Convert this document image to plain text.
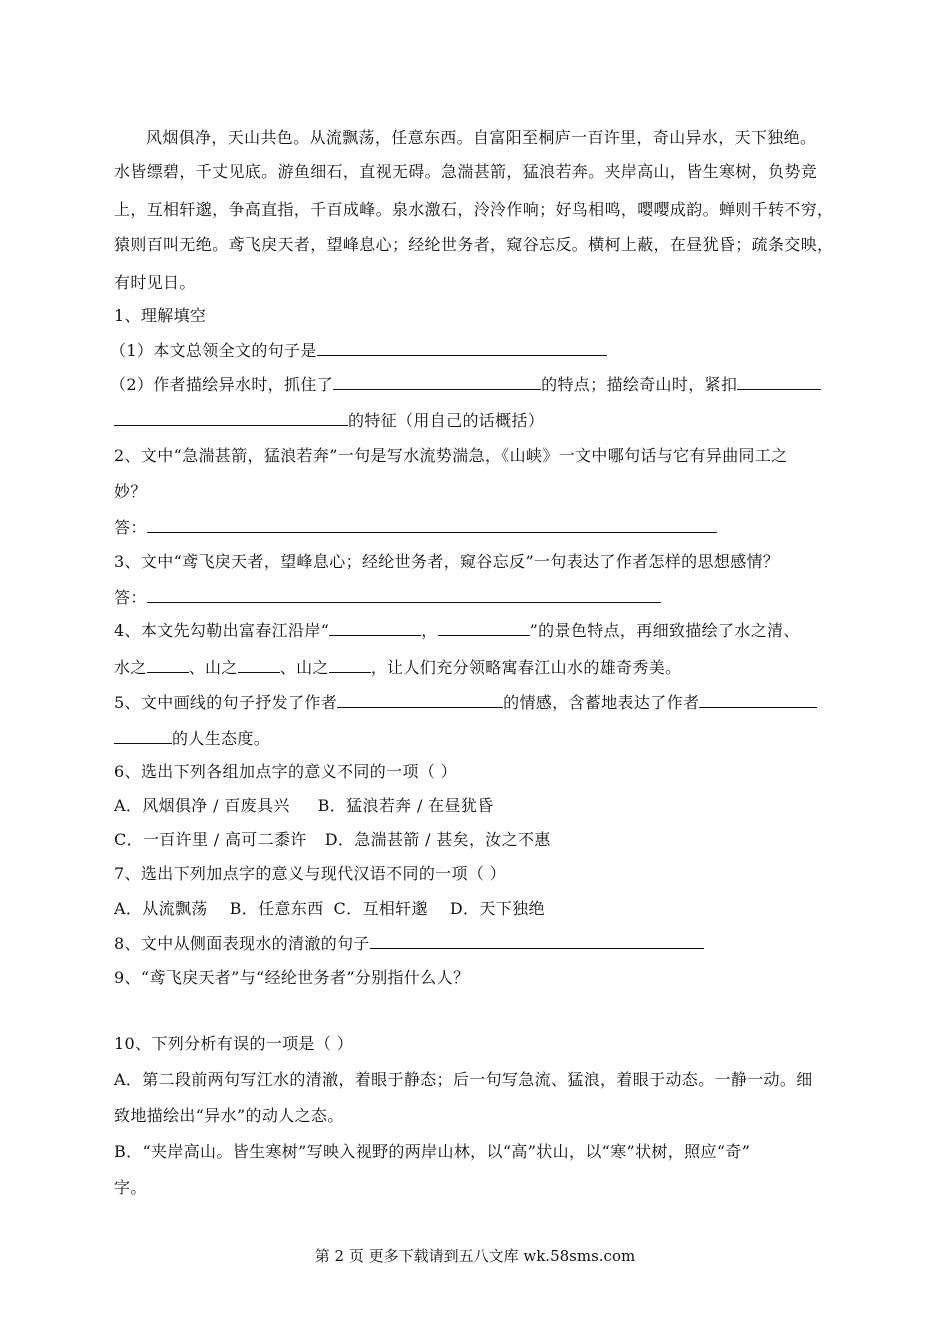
风烟俱净，天山共色。从流飘荡，任意东西。自富阳至桐庐一百许里，奇山异水，天下独绝。
水皆缥碧，千丈见底。游鱼细石，直视无碍。急湍甚箭，猛浪若奔。夹岸高山，皆生寒树，负势竞
上，互相轩邈，争高直指，千百成峰。泉水激石，泠泠作响；好鸟相鸣，嘤嘤成韵。蝉则千转不穷，
猿则百叫无绝。鸢飞戾天者，望峰息心；经纶世务者，窥谷忘反。横柯上蔽，在昼犹昏；疏条交映，
有时见日。
1、理解填空
（1）本文总领全文的句子是
（2）作者描绘异水时，抓住了	的特点；描绘奇山时，紧扣
的特征（用自己的话概括）
2、文中“急湍甚箭，猛浪若奔”一句是写水流势湍急，《山峡》一文中哪句话与它有异曲同工之
妙？
答：
3、文中“鸢飞戾天者，望峰息心；经纶世务者，窥谷忘反”一句表达了作者怎样的思想感情？
答：
4、本文先勾勒出富春江沿岸“	，	”的景色特点，再细致描绘了水之清、
水之	、山之	、山之	，让人们充分领略寓春江山水的雄奇秀美。
5、文中画线的句子抒发了作者	的情感，含蓄地表达了作者
的人生态度。
6、选出下列各组加点字的意义不同的一项（ ）
A．风烟俱净 / 百废具兴 B．猛浪若奔 / 在昼犹昏
C．一百许里 / 高可二黍许 D．急湍甚箭 / 甚矣，汝之不惠
7、选出下列加点字的意义与现代汉语不同的一项（ ）
A．从流飘荡 B．任意东西 C．互相轩邈 D．天下独绝
8、文中从侧面表现水的清澈的句子
9、“鸢飞戾天者”与“经纶世务者”分别指什么人？
10、下列分析有误的一项是（ ）
A．第二段前两句写江水的清澈，着眼于静态；后一句写急流、猛浪，着眼于动态。一静一动。细
致地描绘出“异水”的动人之态。
B．“夹岸高山。皆生寒树”写映入视野的两岸山林，以“高”状山，以“寒”状树，照应“奇”
字。
第 2 页 更多下载请到五八文库 wk.58sms.com
